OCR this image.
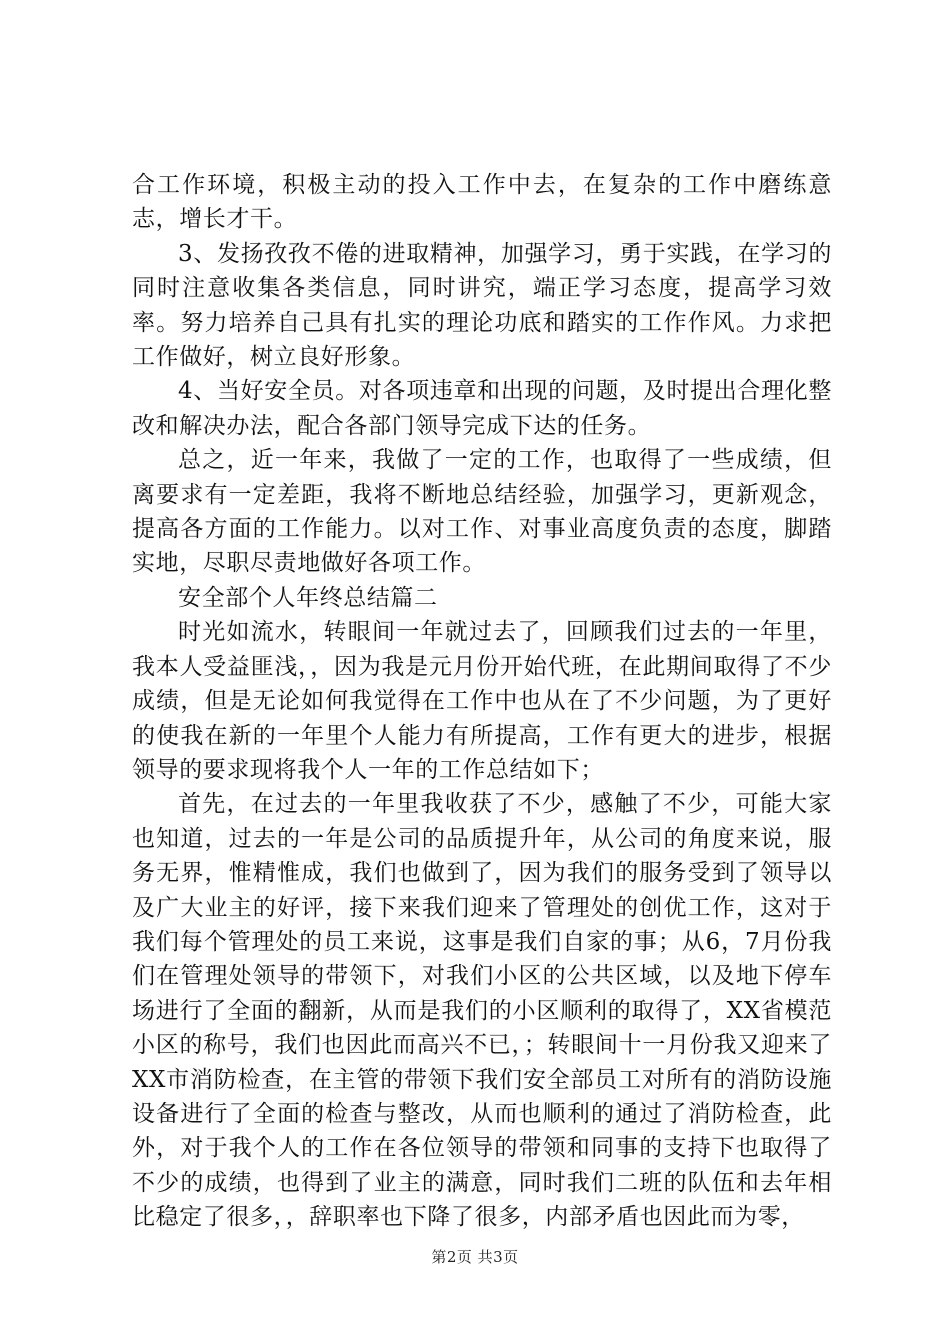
合工作环境，积极主动的投入工作中去，在复杂的工作中磨练意志，增长才干。

3、发扬孜孜不倦的进取精神，加强学习，勇于实践，在学习的同时注意收集各类信息，同时讲究，端正学习态度，提高学习效率。努力培养自己具有扎实的理论功底和踏实的工作作风。力求把工作做好，树立良好形象。

4、当好安全员。对各项违章和出现的问题，及时提出合理化整改和解决办法，配合各部门领导完成下达的任务。

总之，近一年来，我做了一定的工作，也取得了一些成绩，但离要求有一定差距，我将不断地总结经验，加强学习，更新观念，提高各方面的工作能力。以对工作、对事业高度负责的态度，脚踏实地，尽职尽责地做好各项工作。

安全部个人年终总结篇二

时光如流水，转眼间一年就过去了，回顾我们过去的一年里，我本人受益匪浅，，因为我是元月份开始代班，在此期间取得了不少成绩，但是无论如何我觉得在工作中也从在了不少问题，为了更好的使我在新的一年里个人能力有所提高，工作有更大的进步，根据领导的要求现将我个人一年的工作总结如下；

首先，在过去的一年里我收获了不少，感触了不少，可能大家也知道，过去的一年是公司的品质提升年，从公司的角度来说，服务无界，惟精惟成，我们也做到了，因为我们的服务受到了领导以及广大业主的好评，接下来我们迎来了管理处的创优工作，这对于我们每个管理处的员工来说，这事是我们自家的事；从6，7月份我们在管理处领导的带领下，对我们小区的公共区域，以及地下停车场进行了全面的翻新，从而是我们的小区顺利的取得了，XX省模范小区的称号，我们也因此而高兴不已，；转眼间十一月份我又迎来了XX市消防检查，在主管的带领下我们安全部员工对所有的消防设施设备进行了全面的检查与整改，从而也顺利的通过了消防检查，此外，对于我个人的工作在各位领导的带领和同事的支持下也取得了不少的成绩，也得到了业主的满意，同时我们二班的队伍和去年相比稳定了很多，，辞职率也下降了很多，内部矛盾也因此而为零，

第2页 共3页
